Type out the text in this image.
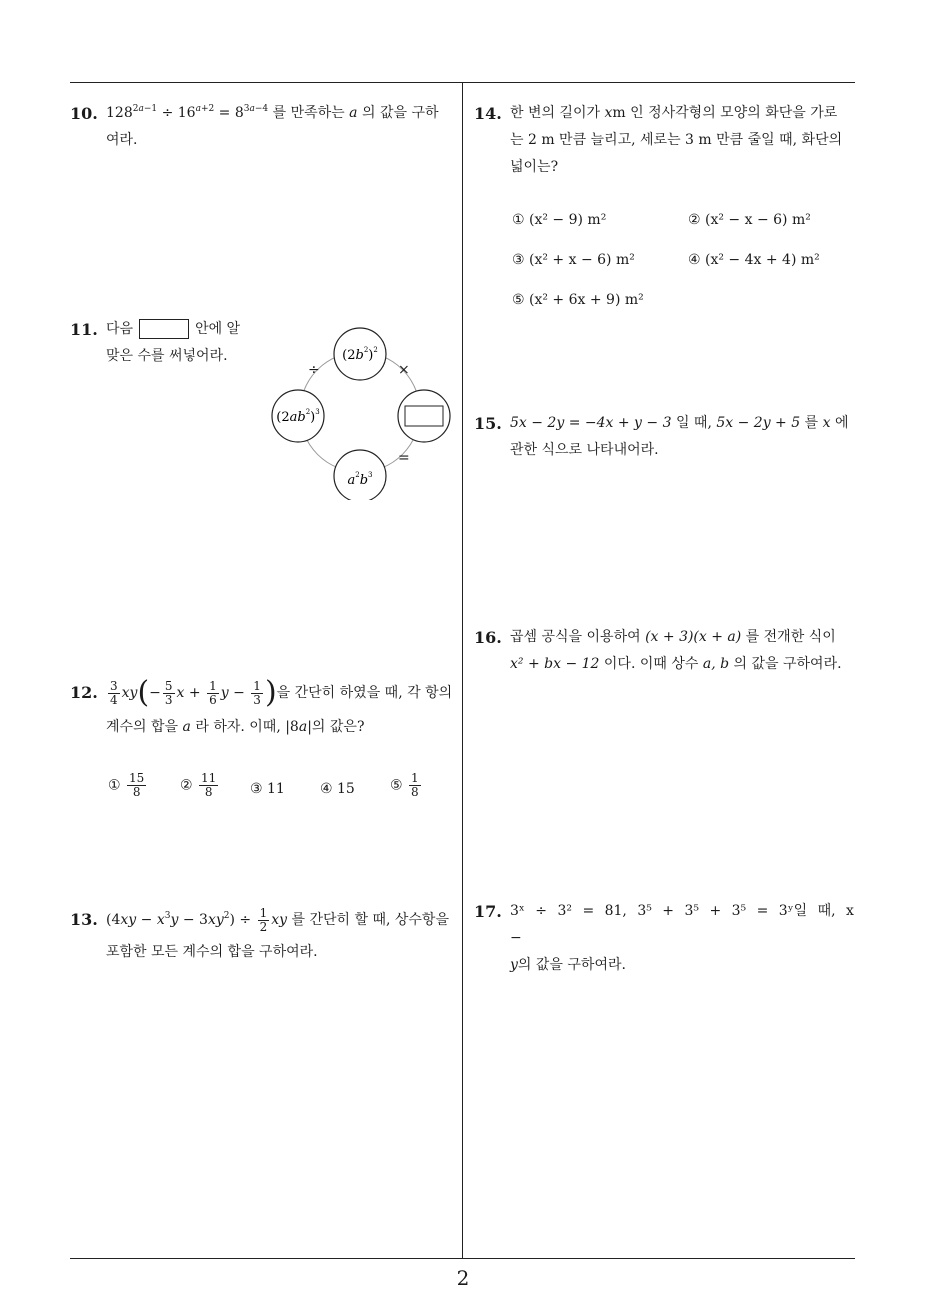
10. $128^{2a-1} \div 16^{a+2} = 8^{3a-4}$ 를 만족하는 a 의 값을 구하
여라.
11. 다음	안에 알
맞은 수를 써넣어라.	$(2b^2)^2$
$(2ab^2)^3$
$a^2b^3$
÷	×
=
12. $\frac{3}{4} xy(- \frac{5}{3}$ $x + \frac{1}{6}$ $y - \frac{1}{3}$ )을 간단히 하였을 때, 각 항의
계수의 합을 a 라 하자. 이때, |8a|의 값은?
① $\frac{15}{8}$ ② $\frac{11}{8}$ ③ 11	④ 15	⑤ $\frac{1}{8}$
13. $(4xy - x^3y - 3xy^2) \div \frac{1}{2}$ xy 를 간단히 할 때, 상수항을
포함한 모든 계수의 합을 구하여라.
14. 한 변의 길이가 xm 인 정사각형의 모양의 화단을 가로
는 2 m 만큼 늘리고, 세로는 3 m 만큼 줄일 때, 화단의
넓이는?
① (x² − 9) m²	② (x² − x − 6) m²
③ (x² + x − 6) m²	④ (x² − 4x + 4) m²
⑤ (x² + 6x + 9) m²
15. 5x − 2y = −4x + y − 3 일 때, 5x − 2y + 5 를 x 에
관한 식으로 나타내어라.
16. 곱셈 공식을 이용하여 (x + 3)(x + a) 를 전개한 식이
x² + bx − 12 이다. 이때 상수 a, b 의 값을 구하여라.
17. 3ˣ ÷ 3² = 81, 3⁵ + 3⁵ + 3⁵ = 3ʸ일 때, x −
y의 값을 구하여라.
2
